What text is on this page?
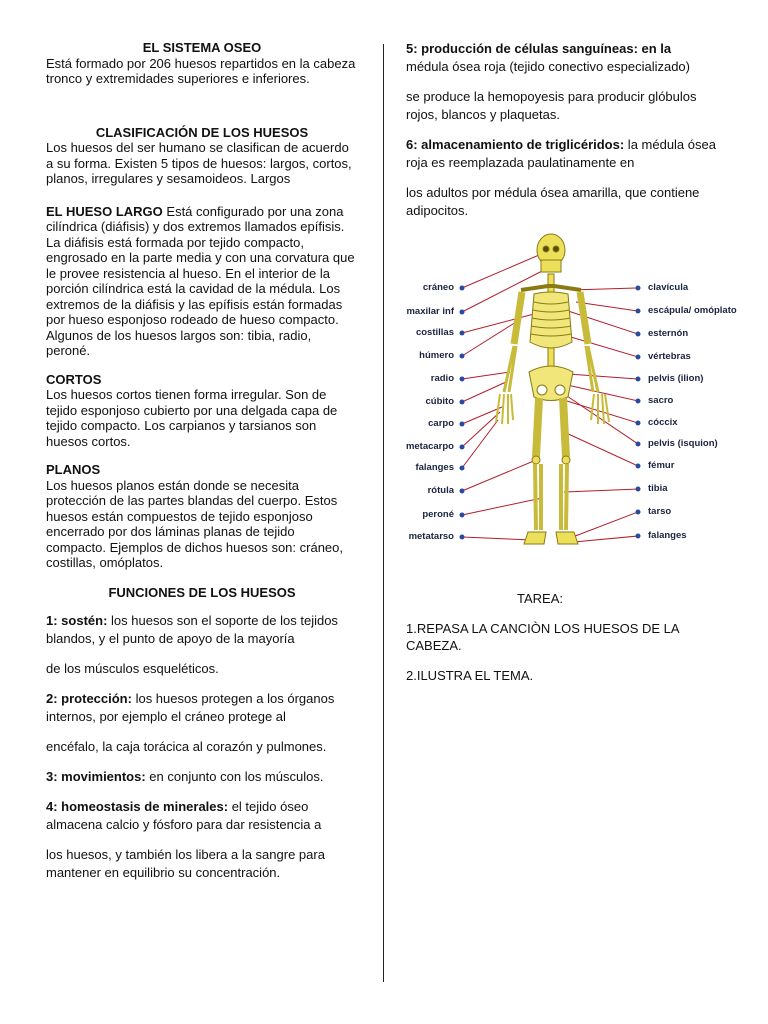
EL SISTEMA OSEO

Está formado por 206 huesos repartidos en la cabeza tronco y extremidades superiores e inferiores.

CLASIFICACIÓN DE LOS HUESOS

Los huesos del ser humano se clasifican de acuerdo a su forma. Existen 5 tipos de huesos: largos, cortos, planos, irregulares y sesamoideos. Largos

EL HUESO LARGO Está configurado por una zona cilíndrica (diáfisis) y dos extremos llamados epífisis. La diáfisis está formada por tejido compacto, engrosado en la parte media y con una corvatura que le provee resistencia al hueso. En el interior de la porción cilíndrica está la cavidad de la médula. Los extremos de la diáfisis y las epífisis están formadas por hueso esponjoso rodeado de hueso compacto. Algunos de los huesos largos son: tibia, radio, peroné.

CORTOS

Los huesos cortos tienen forma irregular. Son de tejido esponjoso cubierto por una delgada capa de tejido compacto. Los carpianos y tarsianos son huesos cortos.

PLANOS

Los huesos planos están donde se necesita protección de las partes blandas del cuerpo. Estos huesos están compuestos de tejido esponjoso encerrado por dos láminas planas de tejido compacto. Ejemplos de dichos huesos son: cráneo, costillas, omóplatos.

FUNCIONES DE LOS HUESOS

1: sostén: los huesos son el soporte de los tejidos blandos, y el punto de apoyo de la mayoría

de los músculos esqueléticos.

2: protección: los huesos protegen a los órganos internos, por ejemplo el cráneo protege al

encéfalo, la caja torácica al corazón y pulmones.

3: movimientos: en conjunto con los músculos.

4: homeostasis de minerales: el tejido óseo almacena calcio y fósforo para dar resistencia a

los huesos, y también los libera a la sangre para mantener en equilibrio su concentración.

5: producción de células sanguíneas: en la

médula ósea roja (tejido conectivo especializado)

se produce la hemopoyesis para producir glóbulos rojos, blancos y plaquetas.

6: almacenamiento de triglicéridos: la médula ósea roja es reemplazada paulatinamente en

los adultos por médula ósea amarilla, que contiene adipocitos.

cráneo
maxilar inf
costillas
húmero
radio
cúbito
carpo
metacarpo
falanges
rótula
peroné
metatarso
clavícula
escápula/ omóplato
esternón
vértebras
pelvis (ilion)
sacro
cóccix
pelvis (isquion)
fémur
tibia
tarso
falanges
TAREA:
1.REPASA LA CANCIÒN LOS HUESOS DE LA CABEZA.
2.ILUSTRA EL TEMA.
